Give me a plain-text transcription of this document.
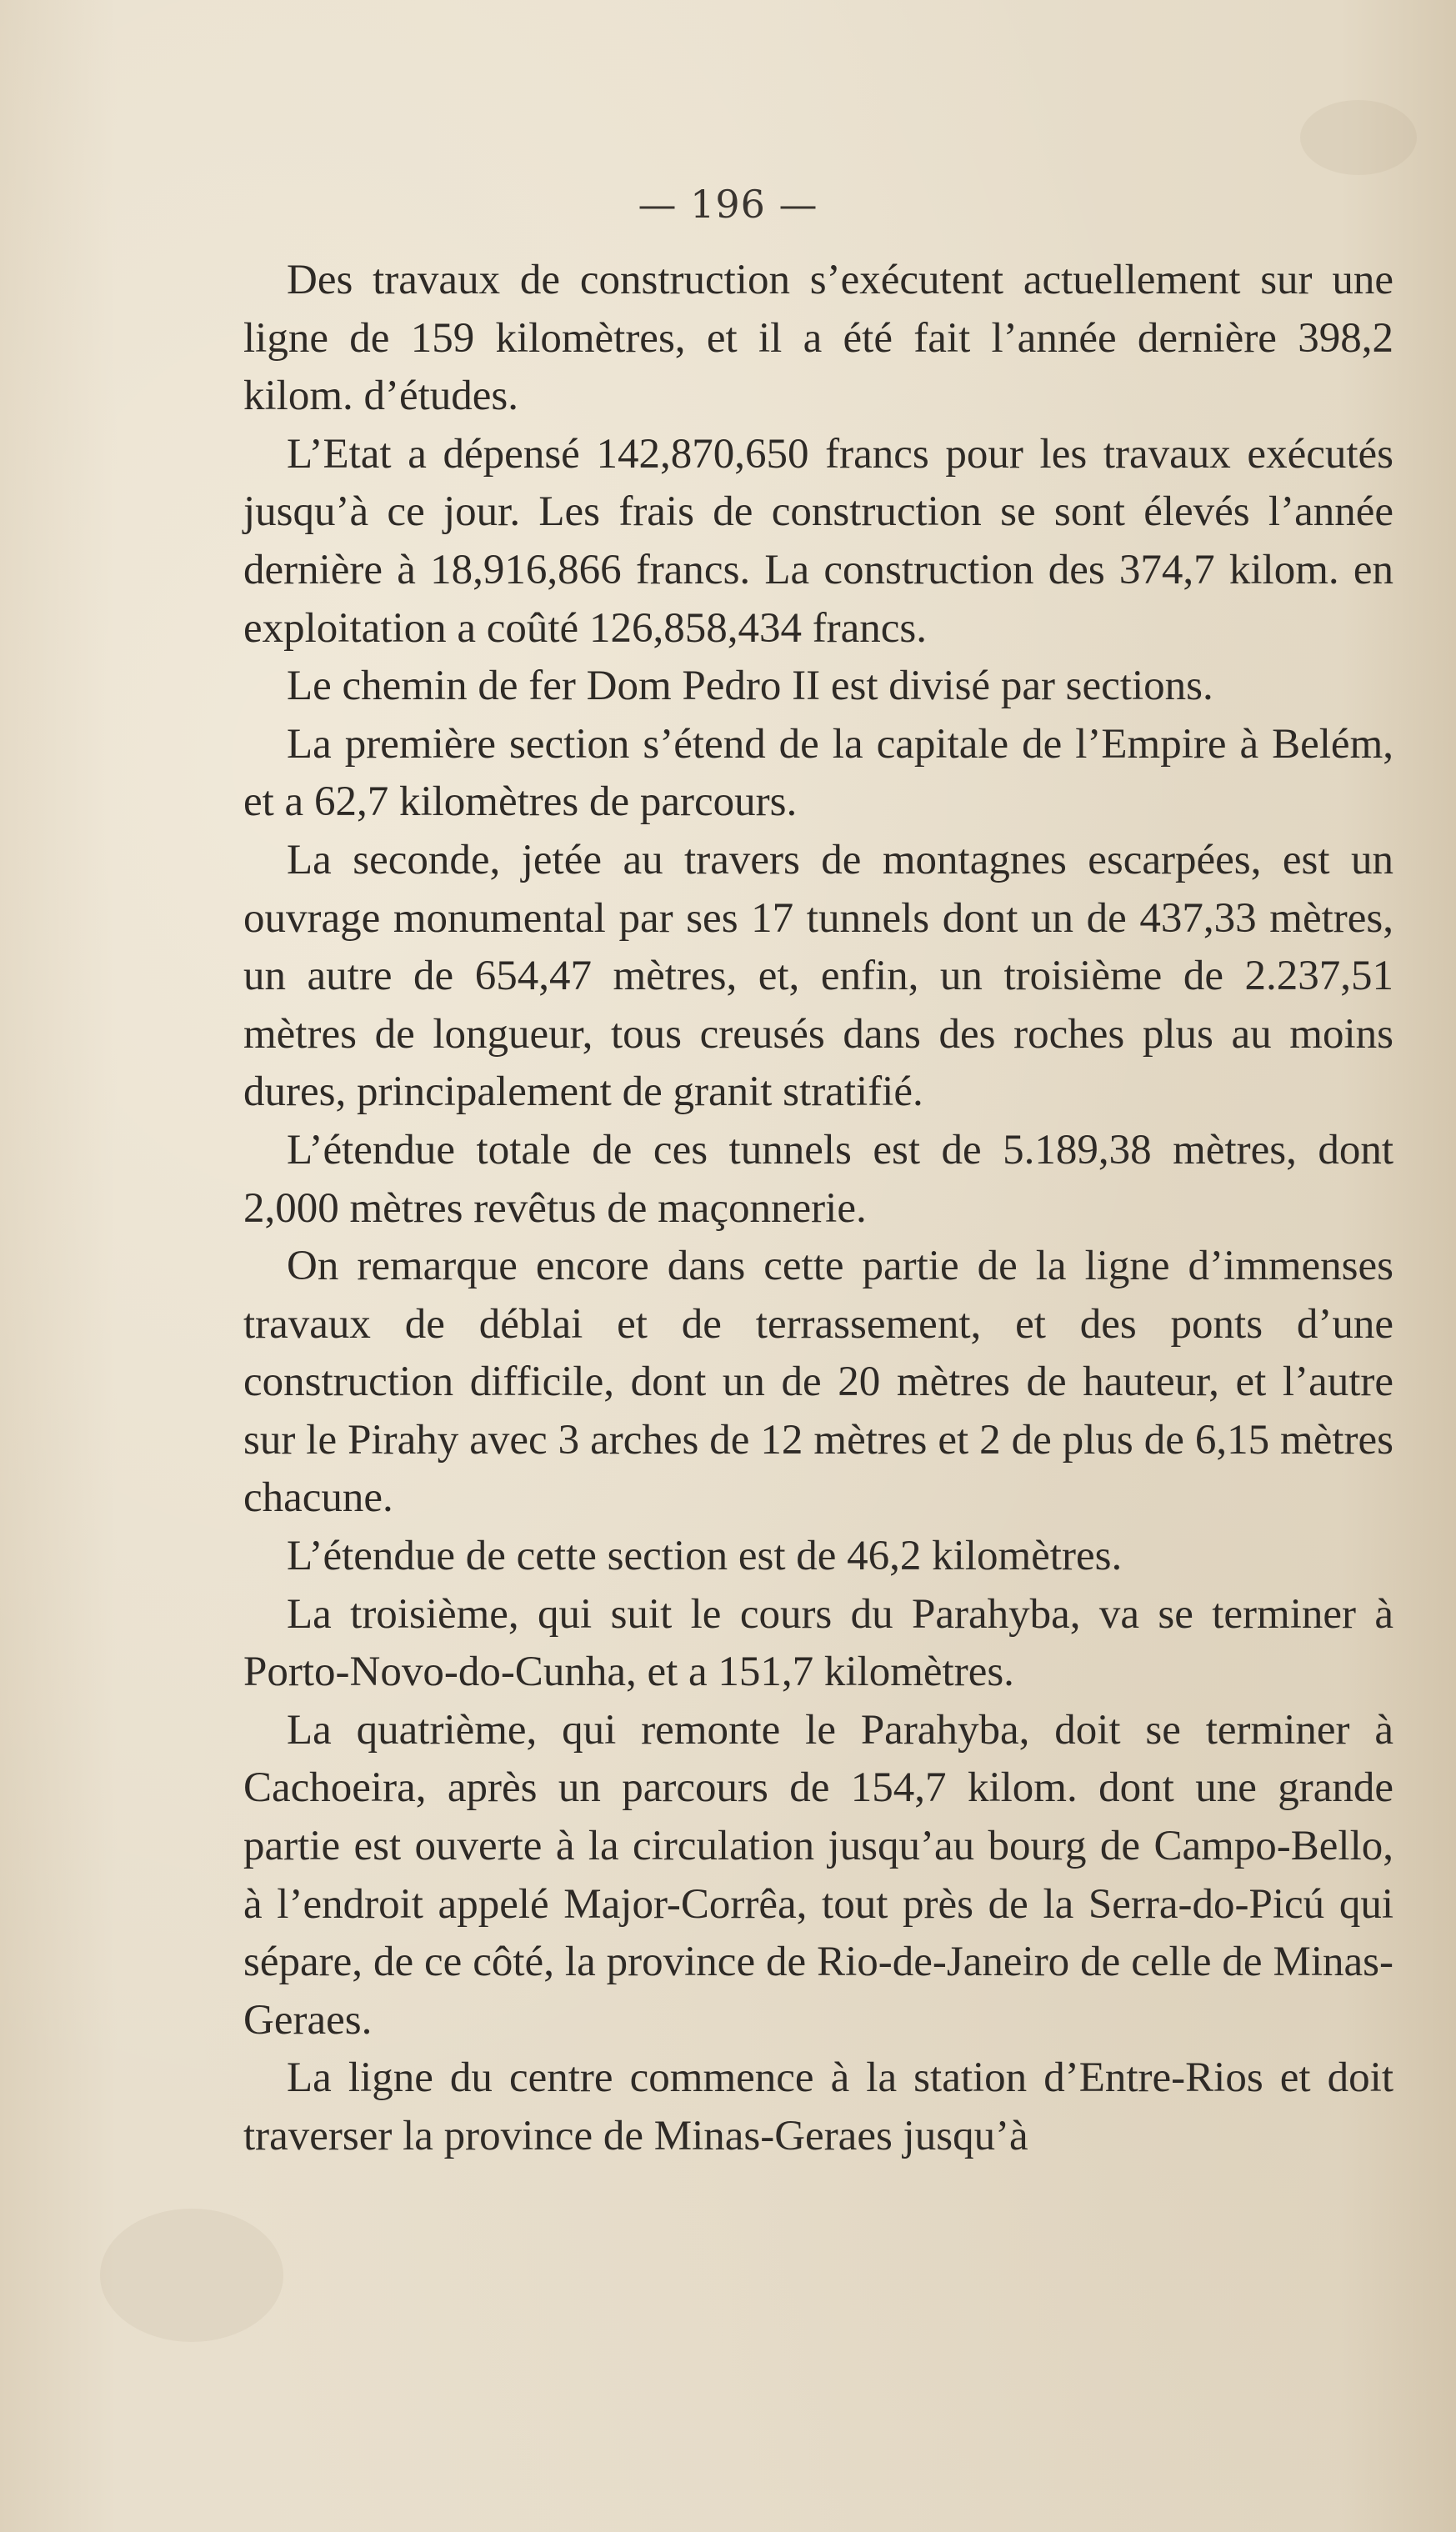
— 196 —

Des travaux de construction s’exécutent actuellement sur une ligne de 159 kilomètres, et il a été fait l’année dernière 398,2 kilom. d’études.

L’Etat a dépensé 142,870,650 francs pour les travaux exécutés jusqu’à ce jour. Les frais de construction se sont élevés l’année dernière à 18,916,866 francs. La construction des 374,7 kilom. en exploitation a coûté 126,858,434 francs.

Le chemin de fer Dom Pedro II est divisé par sections.

La première section s’étend de la capitale de l’Empire à Belém, et a 62,7 kilomètres de parcours.

La seconde, jetée au travers de montagnes escarpées, est un ouvrage monumental par ses 17 tunnels dont un de 437,33 mètres, un autre de 654,47 mètres, et, enfin, un troisième de 2.237,51 mètres de longueur, tous creusés dans des roches plus au moins dures, principalement de granit stratifié.

L’étendue totale de ces tunnels est de 5.189,38 mètres, dont 2,000 mètres revêtus de maçonnerie.

On remarque encore dans cette partie de la ligne d’immenses travaux de déblai et de terrassement, et des ponts d’une construction difficile, dont un de 20 mètres de hauteur, et l’autre sur le Pirahy avec 3 arches de 12 mètres et 2 de plus de 6,15 mètres chacune.

L’étendue de cette section est de 46,2 kilomètres.

La troisième, qui suit le cours du Parahyba, va se terminer à Porto-Novo-do-Cunha, et a 151,7 kilomètres.

La quatrième, qui remonte le Parahyba, doit se terminer à Cachoeira, après un parcours de 154,7 kilom. dont une grande partie est ouverte à la circulation jusqu’au bourg de Campo-Bello, à l’endroit appelé Major-Corrêa, tout près de la Serra-do-Picú qui sépare, de ce côté, la province de Rio-de-Janeiro de celle de Minas-Geraes.

La ligne du centre commence à la station d’Entre-Rios et doit traverser la province de Minas-Geraes jusqu’à
